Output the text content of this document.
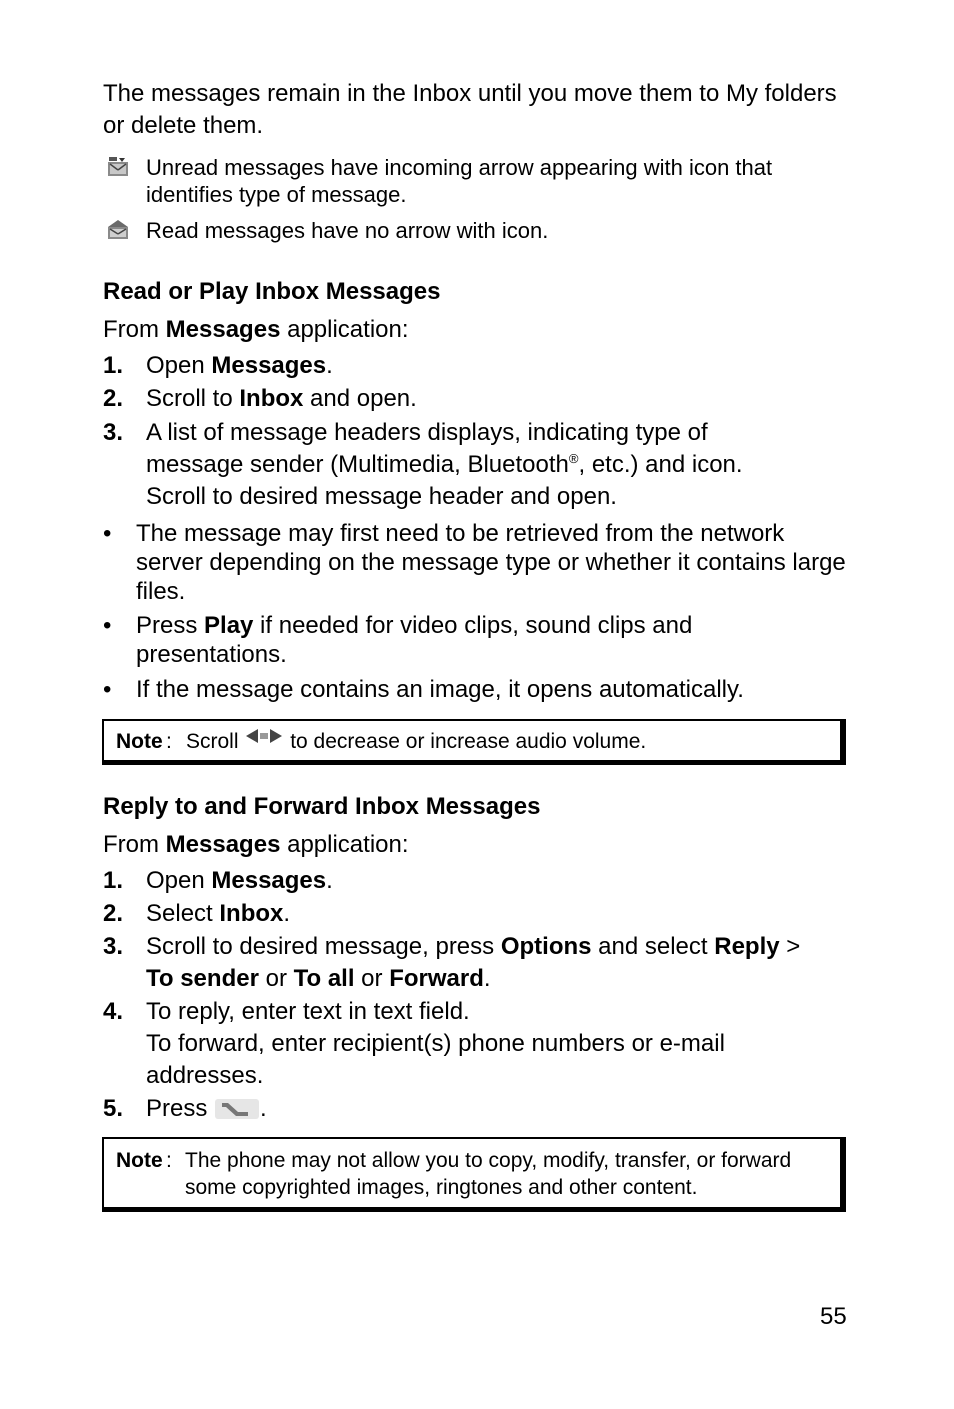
The messages remain in the Inbox until you move them to My folders or delete them.
Unread messages have incoming arrow appearing with icon that identifies type of message.
Read messages have no arrow with icon.
Read or Play Inbox Messages
From Messages application:
1. Open Messages.
2. Scroll to Inbox and open.
3. A list of message headers displays, indicating type of
message sender (Multimedia, Bluetooth®, etc.) and icon.
Scroll to desired message header and open.
• The message may first need to be retrieved from the network server depending on the message type or whether it contains large files.
• Press Play if needed for video clips, sound clips and presentations.
• If the message contains an image, it opens automatically.
Note : Scroll  to decrease or increase audio volume.
Reply to and Forward Inbox Messages
From Messages application:
1. Open Messages.
2. Select Inbox.
3. Scroll to desired message, press Options and select Reply >
To sender or To all or Forward.
4. To reply, enter text in text field.
To forward, enter recipient(s) phone numbers or e-mail
addresses.
5. Press .
Note : The phone may not allow you to copy, modify, transfer, or forward some copyrighted images, ringtones and other content.
55
